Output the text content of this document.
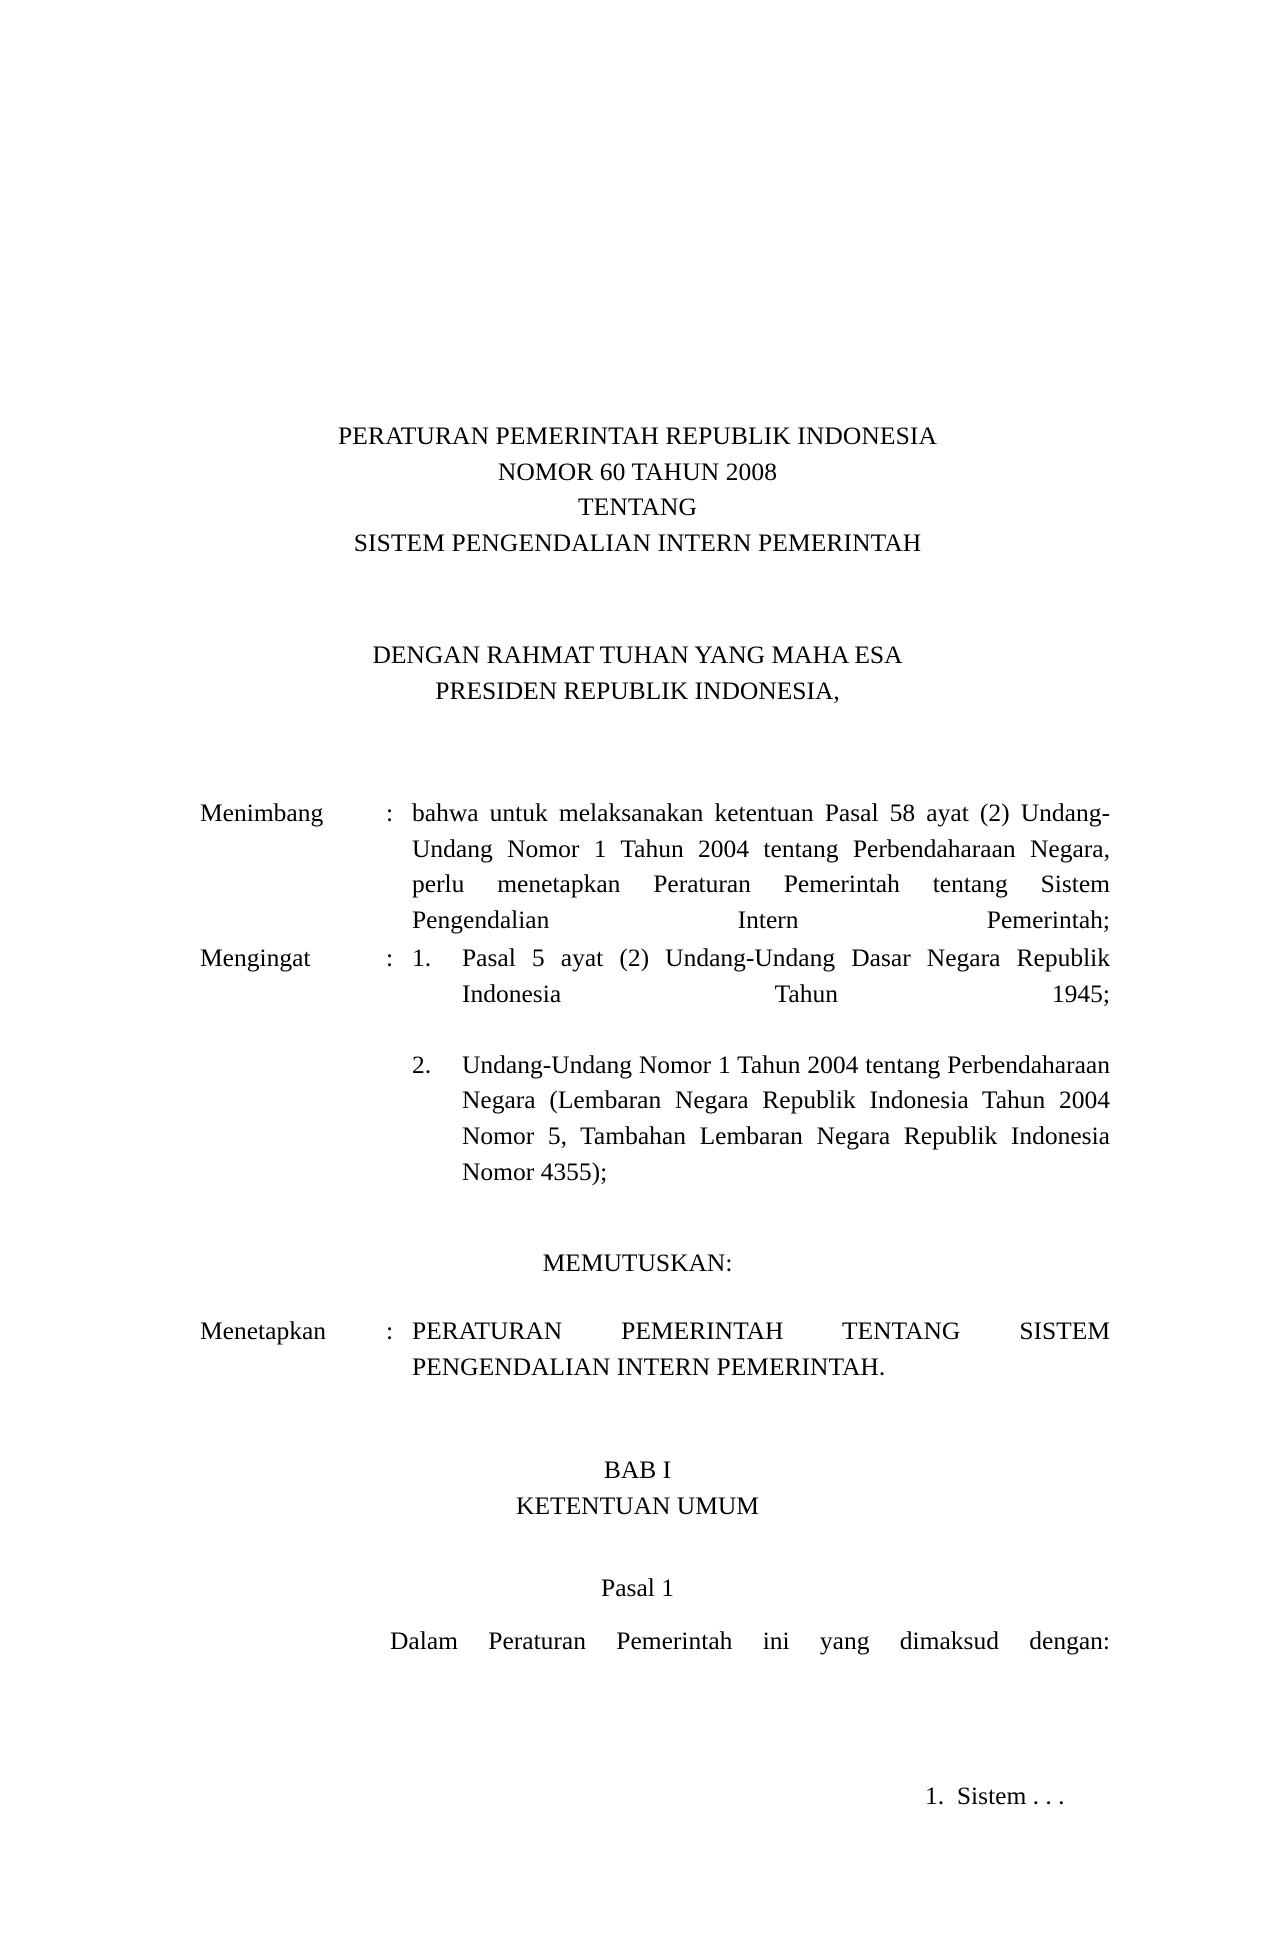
PERATURAN PEMERINTAH REPUBLIK INDONESIA
NOMOR 60 TAHUN 2008
TENTANG
SISTEM PENGENDALIAN INTERN PEMERINTAH
DENGAN RAHMAT TUHAN YANG MAHA ESA
PRESIDEN REPUBLIK INDONESIA,
Menimbang	: bahwa untuk melaksanakan ketentuan Pasal 58 ayat (2) Undang-Undang Nomor 1 Tahun 2004 tentang Perbendaharaan Negara, perlu menetapkan Peraturan Pemerintah tentang Sistem Pengendalian Intern Pemerintah;

Mengingat	: 1.	Pasal 5 ayat (2) Undang-Undang Dasar Negara Republik Indonesia Tahun 1945;
2.	Undang-Undang Nomor 1 Tahun 2004 tentang Perbendaharaan Negara (Lembaran Negara Republik Indonesia Tahun 2004 Nomor 5, Tambahan Lembaran Negara Republik Indonesia Nomor 4355);
MEMUTUSKAN:
Menetapkan	: PERATURAN PEMERINTAH TENTANG SISTEM PENGENDALIAN INTERN PEMERINTAH.

BAB I
KETENTUAN UMUM
Pasal 1

Dalam Peraturan Pemerintah ini yang dimaksud dengan:

1.  Sistem . . .
